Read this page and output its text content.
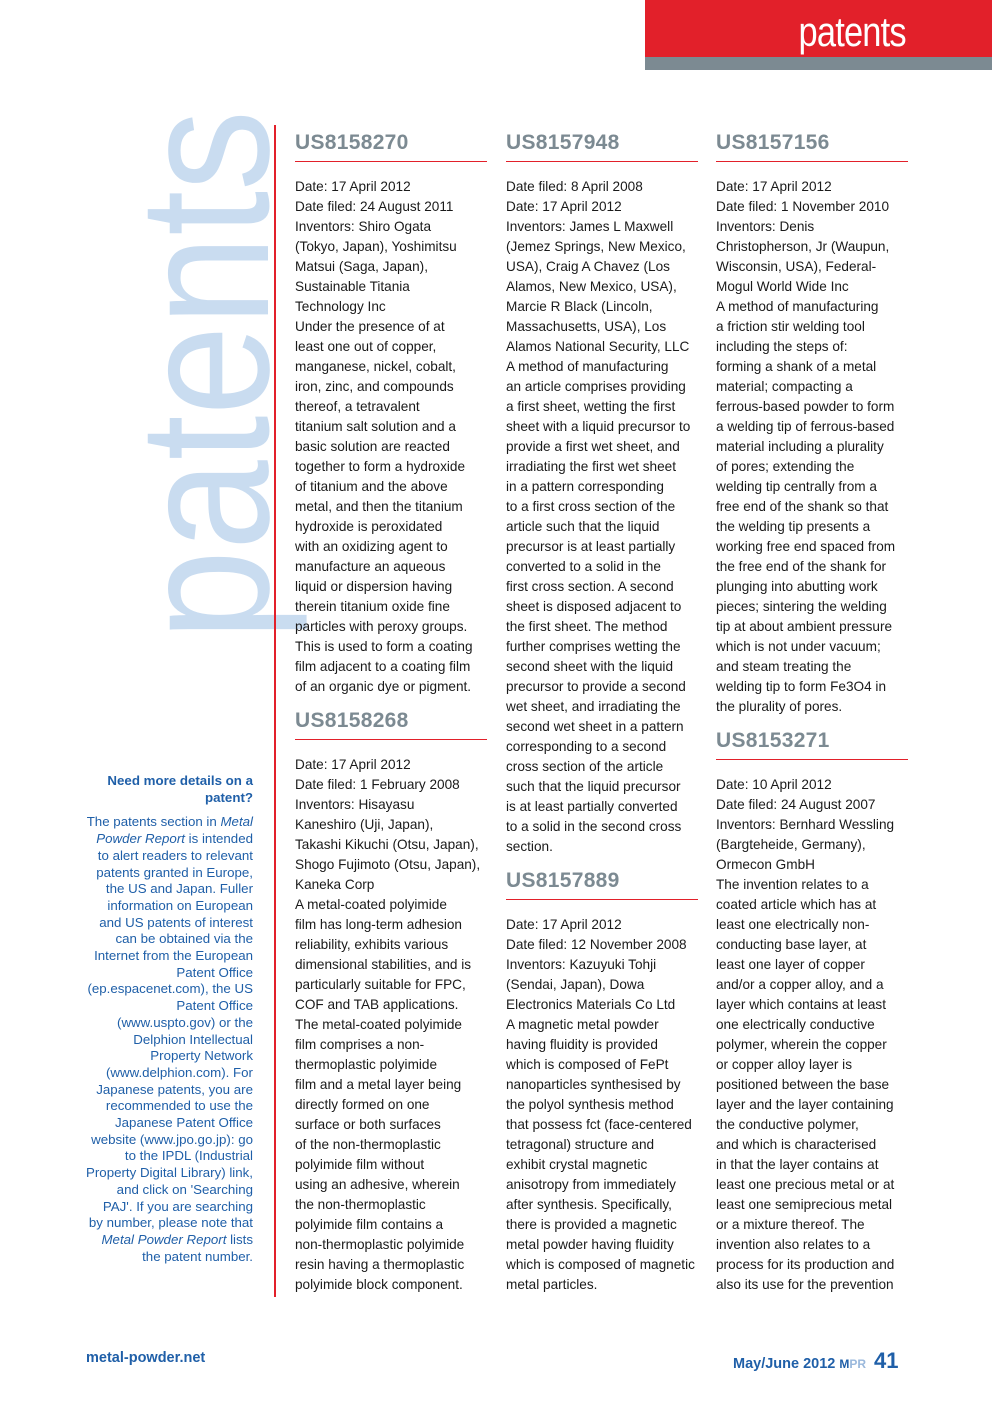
patents
patents
Need more details on a patent?

The patents section in Metal Powder Report is intended to alert readers to relevant patents granted in Europe, the US and Japan. Fuller information on European and US patents of interest can be obtained via the Internet from the European Patent Office (ep.espacenet.com), the US Patent Office (www.uspto.gov) or the Delphion Intellectual Property Network (www.delphion.com). For Japanese patents, you are recommended to use the Japanese Patent Office website (www.jpo.go.jp): go to the IPDL (Industrial Property Digital Library) link, and click on 'Searching PAJ'. If you are searching by number, please note that Metal Powder Report lists the patent number.

US8158270
Date: 17 April 2012
Date filed: 24 August 2011
Inventors: Shiro Ogata
(Tokyo, Japan), Yoshimitsu
Matsui (Saga, Japan),
Sustainable Titania
Technology Inc
Under the presence of at
least one out of copper,
manganese, nickel, cobalt,
iron, zinc, and compounds
thereof, a tetravalent
titanium salt solution and a
basic solution are reacted
together to form a hydroxide
of titanium and the above
metal, and then the titanium
hydroxide is peroxidated
with an oxidizing agent to
manufacture an aqueous
liquid or dispersion having
therein titanium oxide fine
particles with peroxy groups.
This is used to form a coating
film adjacent to a coating film
of an organic dye or pigment.
US8158268
Date: 17 April 2012
Date filed: 1 February 2008
Inventors: Hisayasu
Kaneshiro (Uji, Japan),
Takashi Kikuchi (Otsu, Japan),
Shogo Fujimoto (Otsu, Japan),
Kaneka Corp
A metal-coated polyimide
film has long-term adhesion
reliability, exhibits various
dimensional stabilities, and is
particularly suitable for FPC,
COF and TAB applications.
The metal-coated polyimide
film comprises a non-
thermoplastic polyimide
film and a metal layer being
directly formed on one
surface or both surfaces
of the non-thermoplastic
polyimide film without
using an adhesive, wherein
the non-thermoplastic
polyimide film contains a
non-thermoplastic polyimide
resin having a thermoplastic
polyimide block component.
US8157948
Date filed: 8 April 2008
Date: 17 April 2012
Inventors: James L Maxwell
(Jemez Springs, New Mexico,
USA), Craig A Chavez (Los
Alamos, New Mexico, USA),
Marcie R Black (Lincoln,
Massachusetts, USA), Los
Alamos National Security, LLC
A method of manufacturing
an article comprises providing
a first sheet, wetting the first
sheet with a liquid precursor to
provide a first wet sheet, and
irradiating the first wet sheet
in a pattern corresponding
to a first cross section of the
article such that the liquid
precursor is at least partially
converted to a solid in the
first cross section. A second
sheet is disposed adjacent to
the first sheet. The method
further comprises wetting the
second sheet with the liquid
precursor to provide a second
wet sheet, and irradiating the
second wet sheet in a pattern
corresponding to a second
cross section of the article
such that the liquid precursor
is at least partially converted
to a solid in the second cross
section.
US8157889
Date: 17 April 2012
Date filed: 12 November 2008
Inventors: Kazuyuki Tohji
(Sendai, Japan), Dowa
Electronics Materials Co Ltd
A magnetic metal powder
having fluidity is provided
which is composed of FePt
nanoparticles synthesised by
the polyol synthesis method
that possess fct (face-centered
tetragonal) structure and
exhibit crystal magnetic
anisotropy from immediately
after synthesis. Specifically,
there is provided a magnetic
metal powder having fluidity
which is composed of magnetic
metal particles.
US8157156
Date: 17 April 2012
Date filed: 1 November 2010
Inventors: Denis
Christopherson, Jr (Waupun,
Wisconsin, USA), Federal-
Mogul World Wide Inc
A method of manufacturing
a friction stir welding tool
including the steps of:
forming a shank of a metal
material; compacting a
ferrous-based powder to form
a welding tip of ferrous-based
material including a plurality
of pores; extending the
welding tip centrally from a
free end of the shank so that
the welding tip presents a
working free end spaced from
the free end of the shank for
plunging into abutting work
pieces; sintering the welding
tip at about ambient pressure
which is not under vacuum;
and steam treating the
welding tip to form Fe3O4 in
the plurality of pores.
US8153271
Date: 10 April 2012
Date filed: 24 August 2007
Inventors: Bernhard Wessling
(Bargteheide, Germany),
Ormecon GmbH
The invention relates to a
coated article which has at
least one electrically non-
conducting base layer, at
least one layer of copper
and/or a copper alloy, and a
layer which contains at least
one electrically conductive
polymer, wherein the copper
or copper alloy layer is
positioned between the base
layer and the layer containing
the conductive polymer,
and which is characterised
in that the layer contains at
least one precious metal or at
least one semiprecious metal
or a mixture thereof. The
invention also relates to a
process for its production and
also its use for the prevention
metal-powder.net	May/June 2012 MPR 41
